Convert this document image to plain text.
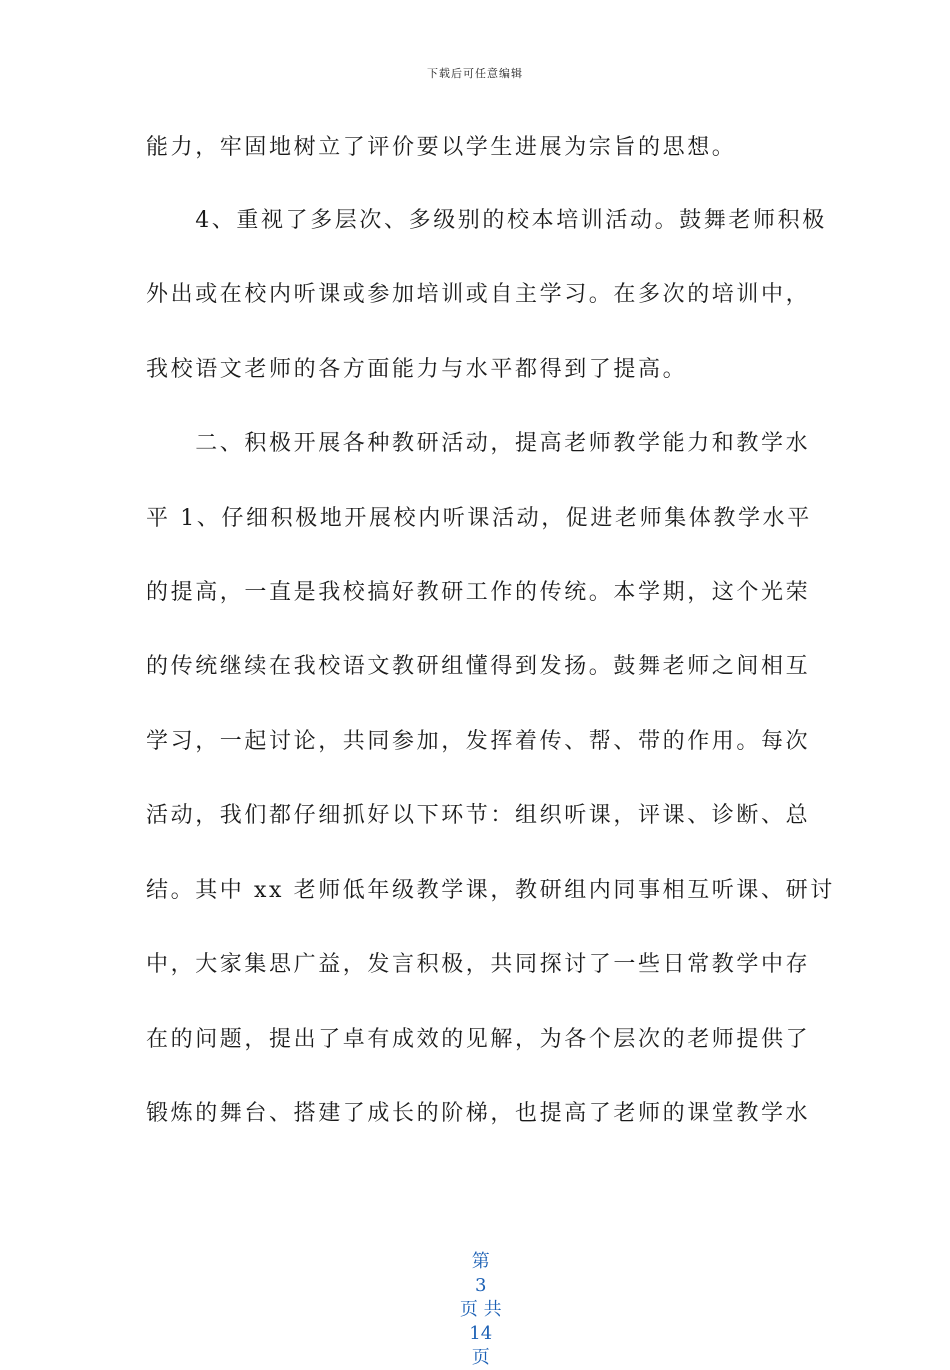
下载后可任意编辑
能力，牢固地树立了评价要以学生进展为宗旨的思想。
　　4、重视了多层次、多级别的校本培训活动。鼓舞老师积极
外出或在校内听课或参加培训或自主学习。在多次的培训中，
我校语文老师的各方面能力与水平都得到了提高。
　　二、积极开展各种教研活动，提高老师教学能力和教学水
平 1、仔细积极地开展校内听课活动，促进老师集体教学水平
的提高，一直是我校搞好教研工作的传统。本学期，这个光荣
的传统继续在我校语文教研组懂得到发扬。鼓舞老师之间相互
学习，一起讨论，共同参加，发挥着传、帮、带的作用。每次
活动，我们都仔细抓好以下环节：组织听课，评课、诊断、总
结。其中 xx 老师低年级教学课，教研组内同事相互听课、研讨
中，大家集思广益，发言积极，共同探讨了一些日常教学中存
在的问题，提出了卓有成效的见解，为各个层次的老师提供了
锻炼的舞台、搭建了成长的阶梯，也提高了老师的课堂教学水

第
3
页 共
14
页
